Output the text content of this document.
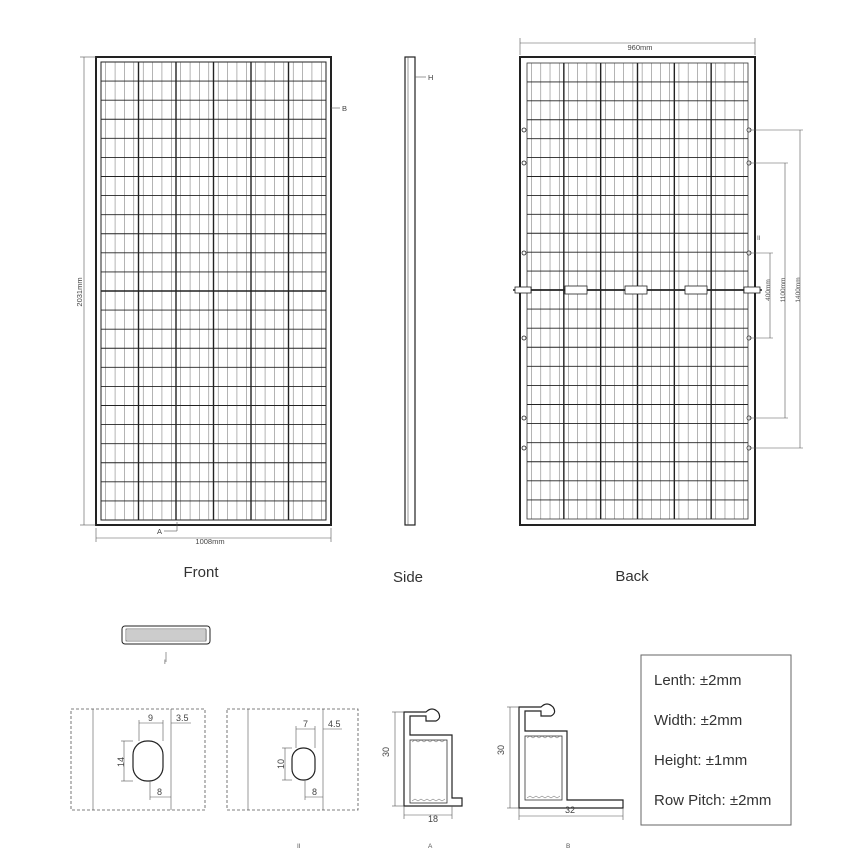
2031mm
1008mm
A
B
Front
H
Side
960mm
400mm 1100mm 1400mm
II
Back
I
9	3.5
14
8
7 4.5
10
8
II
30
18
A
30
32
B
Lenth: ±2mm
Width: ±2mm
Height: ±1mm
Row Pitch: ±2mm
